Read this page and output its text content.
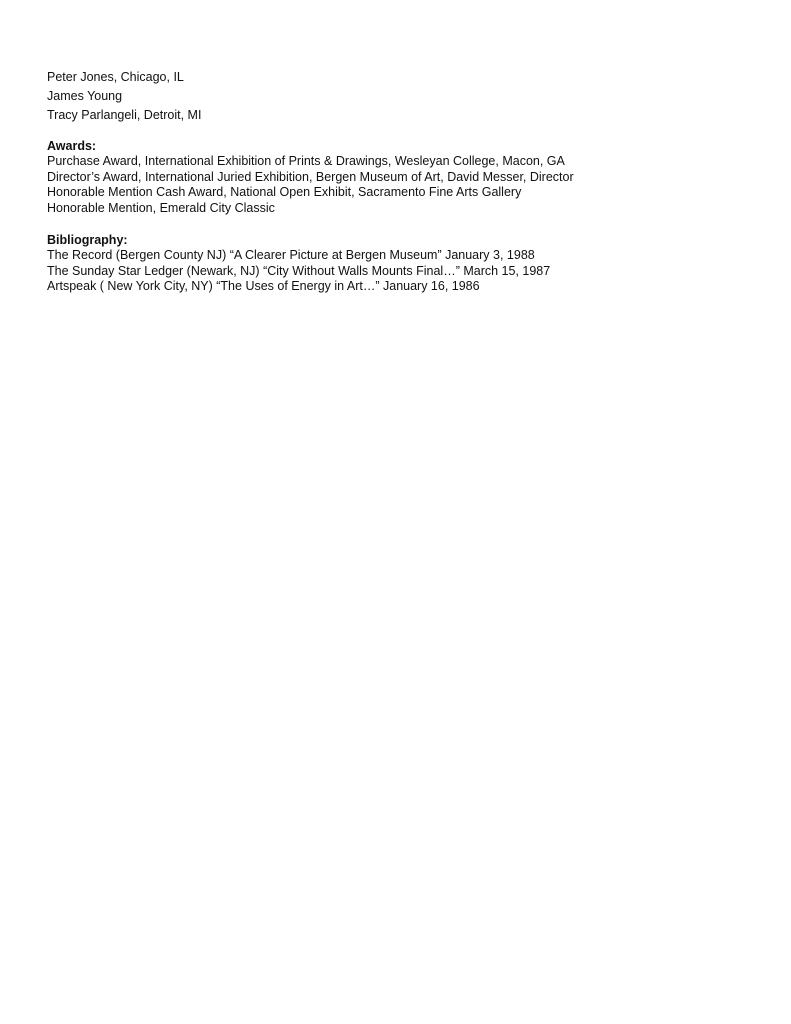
Peter Jones, Chicago, IL
James Young
Tracy Parlangeli, Detroit, MI
Awards:
Purchase Award, International Exhibition of Prints & Drawings, Wesleyan College, Macon, GA
Director’s Award, International Juried Exhibition, Bergen Museum of Art, David Messer, Director
Honorable Mention Cash Award, National Open Exhibit, Sacramento Fine Arts Gallery
Honorable Mention, Emerald City Classic
Bibliography:
The Record (Bergen County NJ) “A Clearer Picture at Bergen Museum” January 3, 1988
The Sunday Star Ledger (Newark, NJ) “City Without Walls Mounts Final…” March 15, 1987
Artspeak ( New York City, NY) “The Uses of Energy in Art…” January 16, 1986
